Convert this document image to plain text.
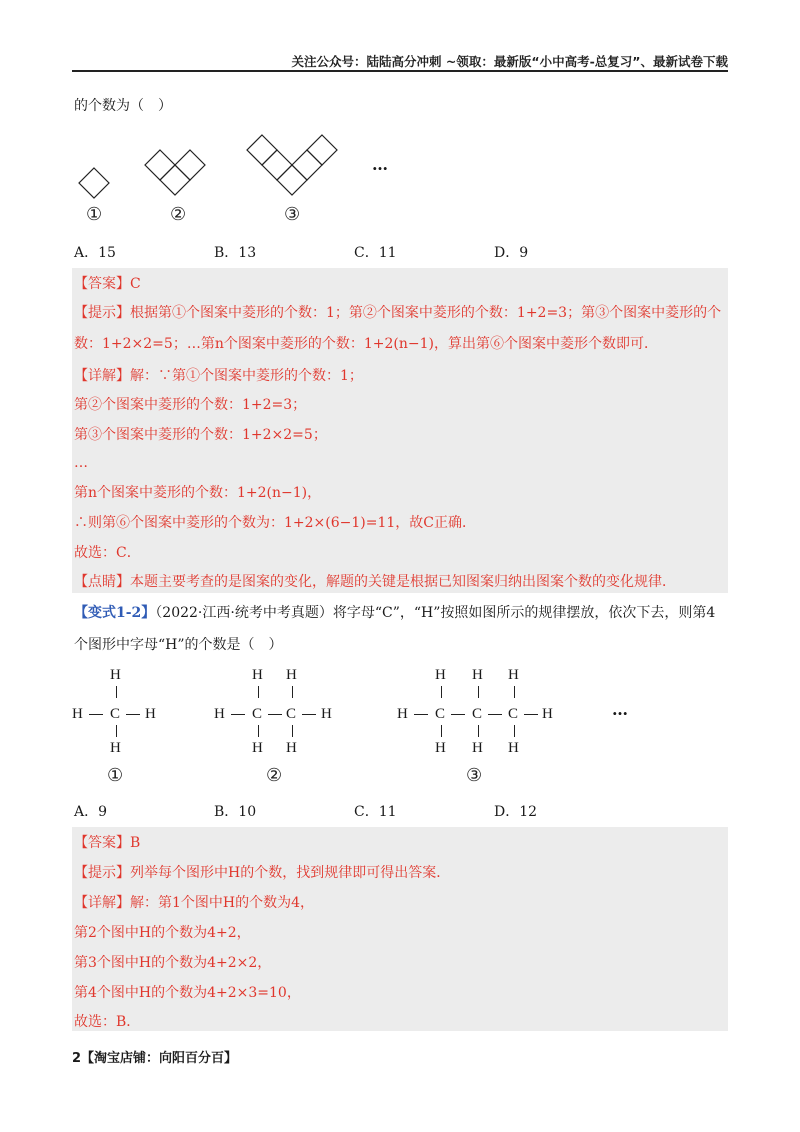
关注公众号：陆陆高分冲刺 ~领取：最新版“小中高考-总复习”、最新试卷下载
的个数为（　）
…
①	②	③
A．15	B．13	C．11	D．9
【答案】C
【提示】根据第①个图案中菱形的个数：1；第②个图案中菱形的个数：1+2=3；第③个图案中菱形的个
数：1+2×2=5；…第n个图案中菱形的个数：1+2(n−1)，算出第⑥个图案中菱形个数即可．
【详解】解：∵第①个图案中菱形的个数：1；
第②个图案中菱形的个数：1+2=3；
第③个图案中菱形的个数：1+2×2=5；
…
第n个图案中菱形的个数：1+2(n−1)，
∴则第⑥个图案中菱形的个数为：1+2×(6−1)=11，故C正确．
故选：C．
【点睛】本题主要考查的是图案的变化，解题的关键是根据已知图案归纳出图案个数的变化规律．
【变式1-2】（2022·江西·统考中考真题）将字母“C”，“H”按照如图所示的规律摆放，依次下去，则第4
个图形中字母“H”的个数是（　）
H
H C H
H
H H
H C C H
H H
H H H
H C C C H
H H H
…
①	②	③
A．9	B．10	C．11	D．12
【答案】B
【提示】列举每个图形中H的个数，找到规律即可得出答案．
【详解】解：第1个图中H的个数为4，
第2个图中H的个数为4+2，
第3个图中H的个数为4+2×2，
第4个图中H的个数为4+2×3=10，
故选：B．
2【淘宝店铺：向阳百分百】
